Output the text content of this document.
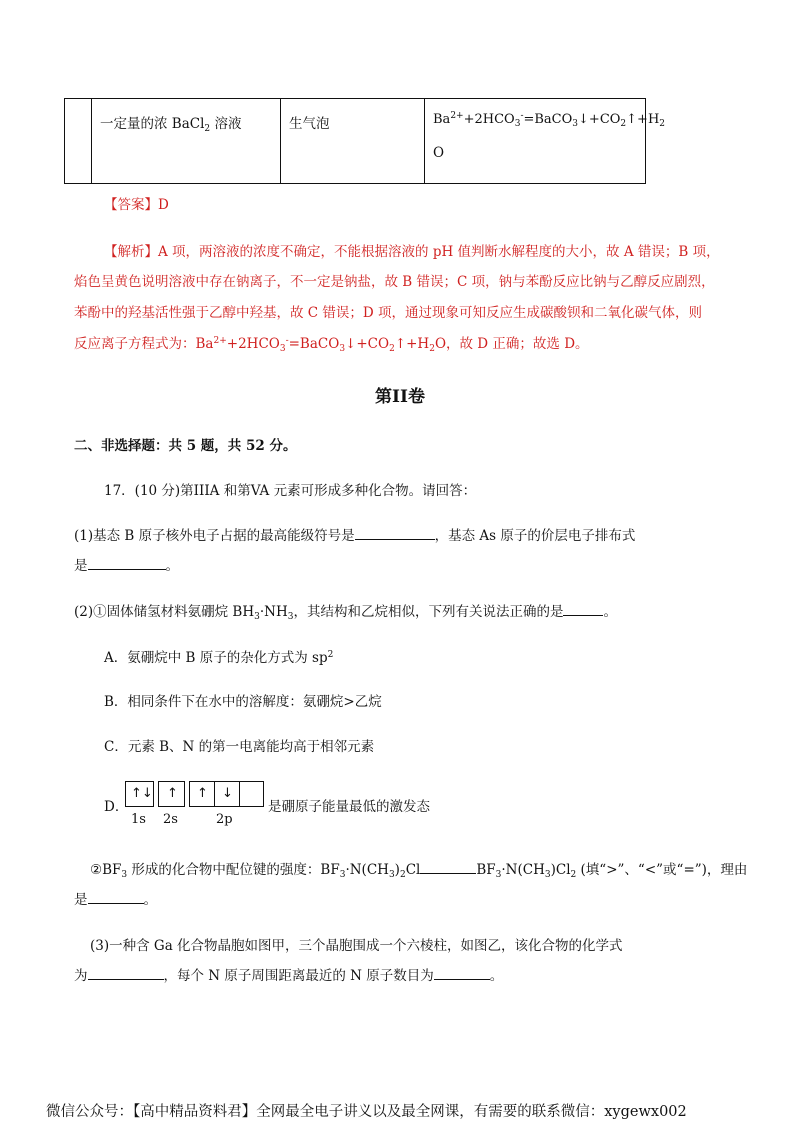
一定量的浓 BaCl$_2$ 溶液	生气泡	$Ba^{2+}+2HCO_3^-=BaCO_3↓+CO_2↑+H_2$
O
【答案】D
【解析】A 项，两溶液的浓度不确定，不能根据溶液的 pH 值判断水解程度的大小，故 A 错误；B 项，
焰色呈黄色说明溶液中存在钠离子，不一定是钠盐，故 B 错误；C 项，钠与苯酚反应比钠与乙醇反应剧烈，
苯酚中的羟基活性强于乙醇中羟基，故 C 错误；D 项，通过现象可知反应生成碳酸钡和二氧化碳气体，则
反应离子方程式为：$Ba^{2+}+2HCO_3^-=BaCO_3↓+CO_2↑+H_2O$，故 D 正确；故选 D。
第II卷
二、非选择题：共 5 题，共 52 分。
17．(10 分)第IIIA 和第VA 元素可形成多种化合物。请回答：
(1)基态 B 原子核外电子占据的最高能级符号是	，基态 As 原子的价层电子排布式
是	。
(2)①固体储氢材料氨硼烷 $BH_3\cdot NH_3$，其结构和乙烷相似，下列有关说法正确的是	。
A．氨硼烷中 B 原子的杂化方式为 $sp^2$
B．相同条件下在水中的溶解度：氨硼烷>乙烷
C．元素 B、N 的第一电离能均高于相邻元素
D．
↑↓ ↑ ↑ ↓
是硼原子能量最低的激发态
1s 2s	2p
$②BF_3$ 形成的化合物中配位键的强度：$BF_3\cdot N(CH_3)_2Cl$	$BF_3\cdot N(CH_3)Cl_2$ (填“>”、“<”或“=”)，理由
是	。
(3)一种含 Ga 化合物晶胞如图甲，三个晶胞围成一个六棱柱，如图乙，该化合物的化学式
为	，每个 N 原子周围距离最近的 N 原子数目为	。
微信公众号：【高中精品资料君】全网最全电子讲义以及最全网课，有需要的联系微信：xygewx002
